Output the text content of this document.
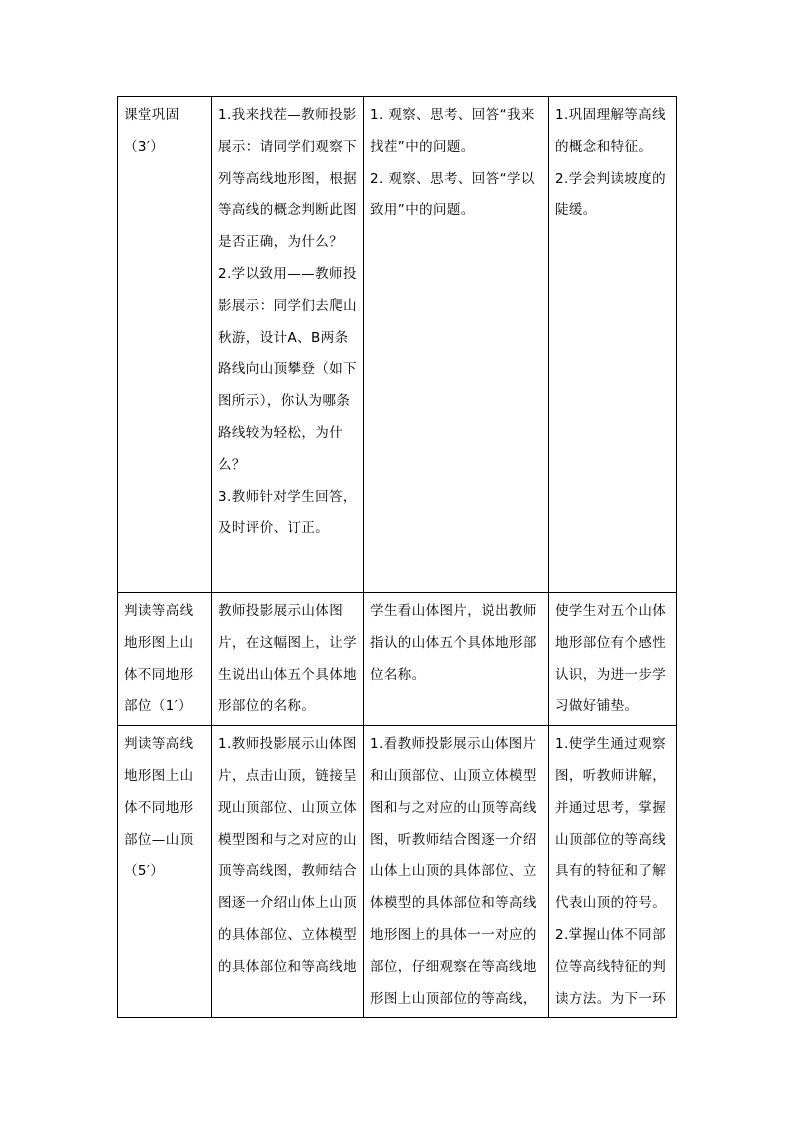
课堂巩固（3′）	1.我来找茬—教师投影展示：请同学们观察下列等高线地形图，根据等高线的概念判断此图是否正确，为什么？
2.学以致用——教师投影展示：同学们去爬山秋游，设计A、B两条路线向山顶攀登（如下图所示），你认为哪条路线较为轻松，为什么？
3.教师针对学生回答，及时评价、订正。	1. 观察、思考、回答“我来找茬”中的问题。
2. 观察、思考、回答“学以致用”中的问题。	1.巩固理解等高线的概念和特征。
2.学会判读坡度的陡缓。

判读等高线地形图上山体不同地形部位（1′）	教师投影展示山体图片，在这幅图上，让学生说出山体五个具体地形部位的名称。	学生看山体图片，说出教师指认的山体五个具体地形部位名称。	使学生对五个山体地形部位有个感性认识，为进一步学习做好铺垫。

判读等高线地形图上山体不同地形部位—山顶（5′）	1.教师投影展示山体图片，点击山顶，链接呈现山顶部位、山顶立体模型图和与之对应的山顶等高线图，教师结合图逐一介绍山体上山顶的具体部位、立体模型的具体部位和等高线地	1.看教师投影展示山体图片和山顶部位、山顶立体模型图和与之对应的山顶等高线图，听教师结合图逐一介绍山体上山顶的具体部位、立体模型的具体部位和等高线地形图上的具体一一对应的部位，仔细观察在等高线地形图上山顶部位的等高线，	1.使学生通过观察图，听教师讲解，并通过思考，掌握山顶部位的等高线具有的特征和了解代表山顶的符号。
2.掌握山体不同部位等高线特征的判读方法。为下一环
